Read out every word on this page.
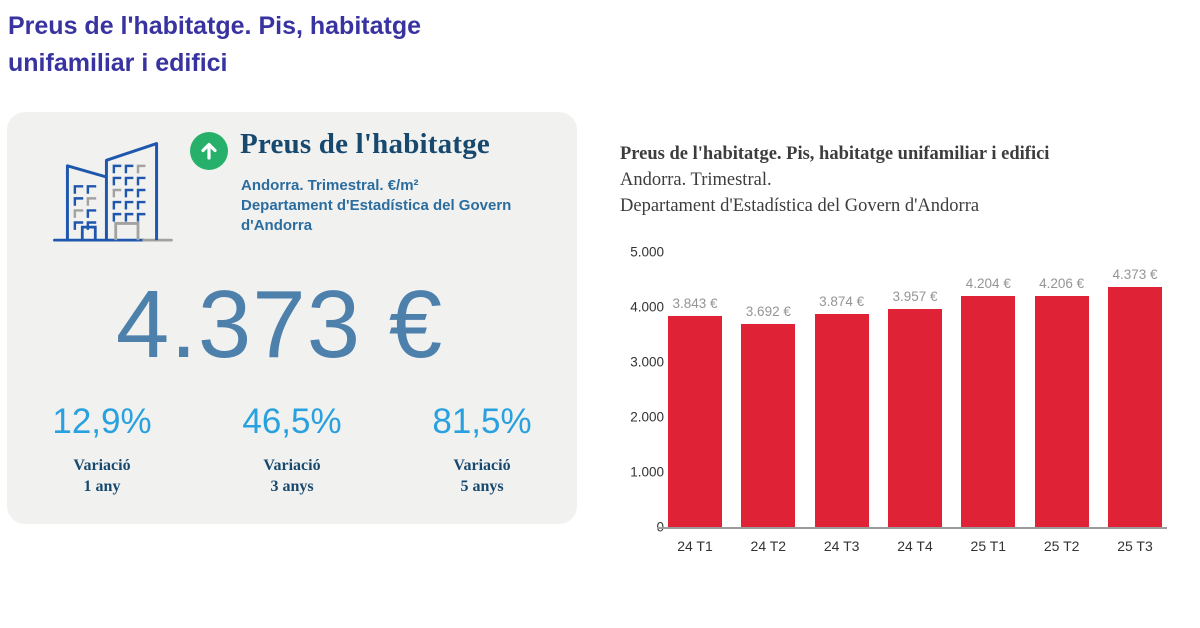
Preus de l'habitatge. Pis, habitatge unifamiliar i edifici
Preus de l'habitatge
Andorra. Trimestral. €/m²
Departament d'Estadística del Govern d'Andorra
4.373 €
12,9%
Variació
1 any
46,5%
Variació
3 anys
81,5%
Variació
5 anys
Preus de l'habitatge. Pis, habitatge unifamiliar i edifici
Andorra. Trimestral.
Departament d'Estadística del Govern d'Andorra
5.000
4.000
3.000
2.000
1.000
3.843 €
24 T1
3.692 €
24 T2
3.874 €
24 T3
3.957 €
24 T4
4.204 €
25 T1
4.206 €
25 T2
4.373 €
25 T3
